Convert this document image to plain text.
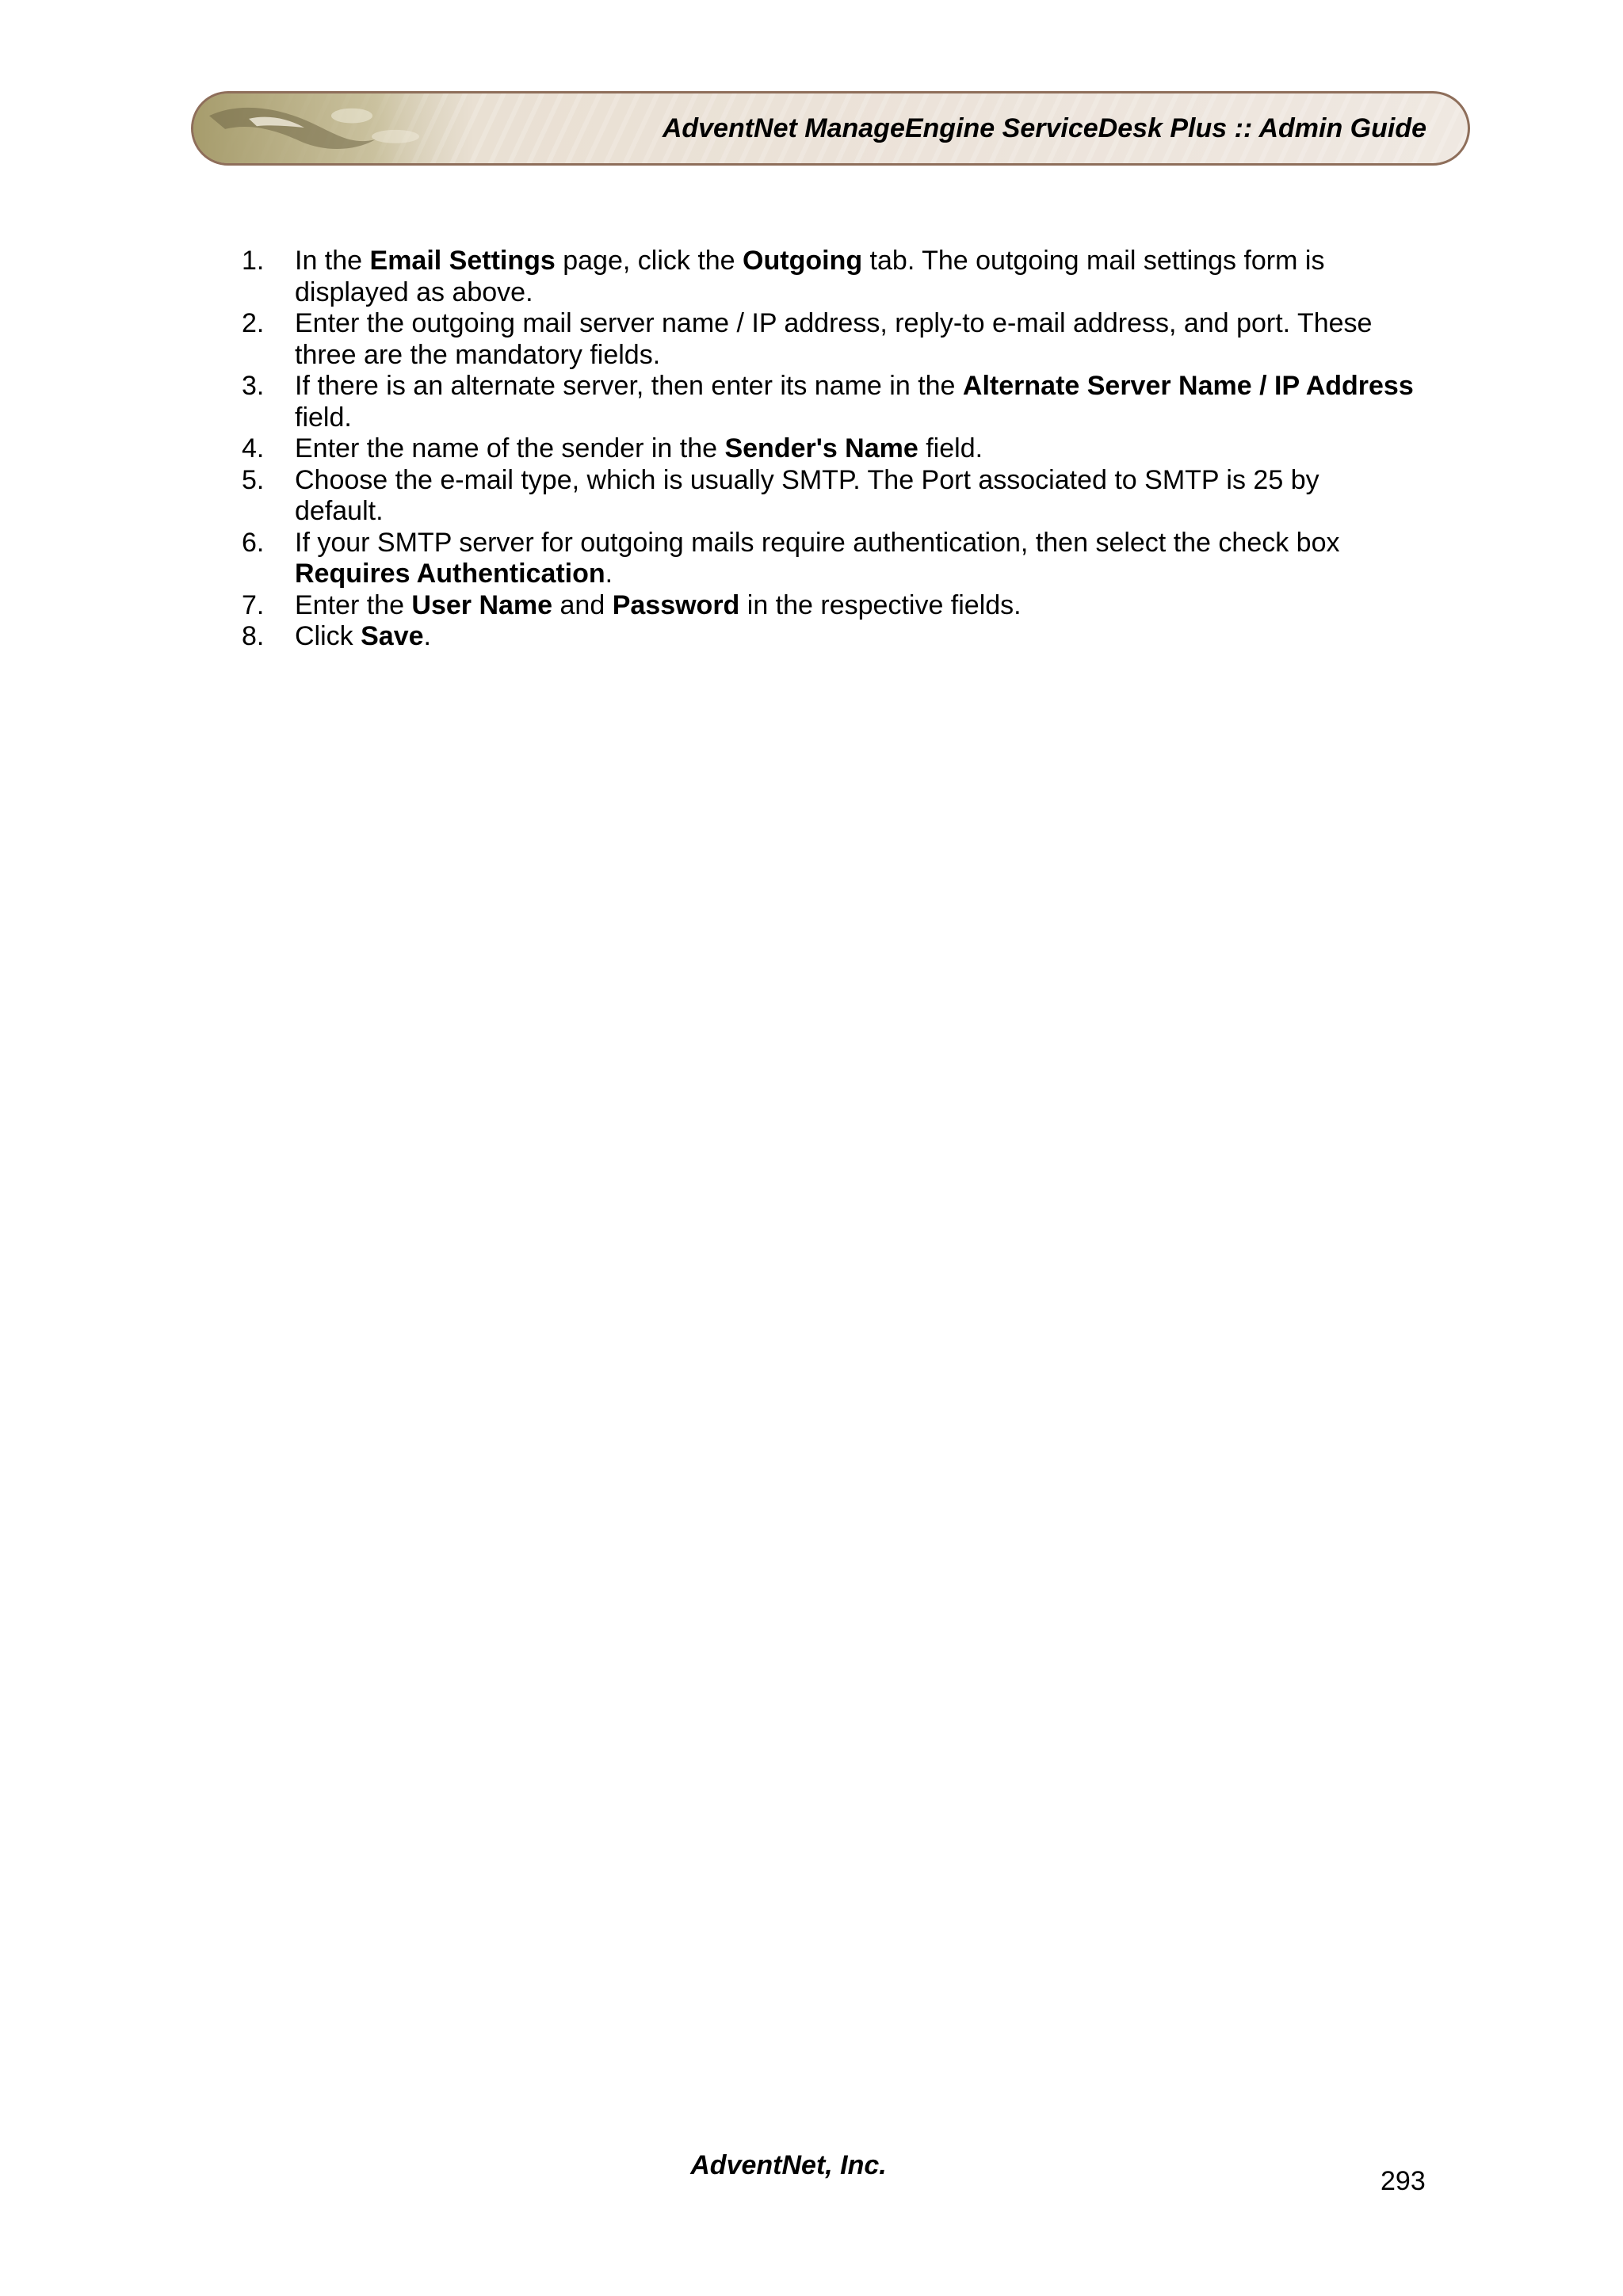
AdventNet ManageEngine ServiceDesk Plus :: Admin Guide
1.	In the Email Settings page, click the Outgoing tab. The outgoing mail settings form is displayed as above.
2.	Enter the outgoing mail server name / IP address, reply-to e-mail address, and port. These three are the mandatory fields.
3.	If there is an alternate server, then enter its name in the Alternate Server Name / IP Address field.
4.	Enter the name of the sender in the Sender's Name field.
5.	Choose the e-mail type, which is usually SMTP. The Port associated to SMTP is 25 by default.
6.	If your SMTP server for outgoing mails require authentication, then select the check box Requires Authentication.
7.	Enter the User Name and Password in the respective fields.
8.	Click Save.
AdventNet, Inc.
293
